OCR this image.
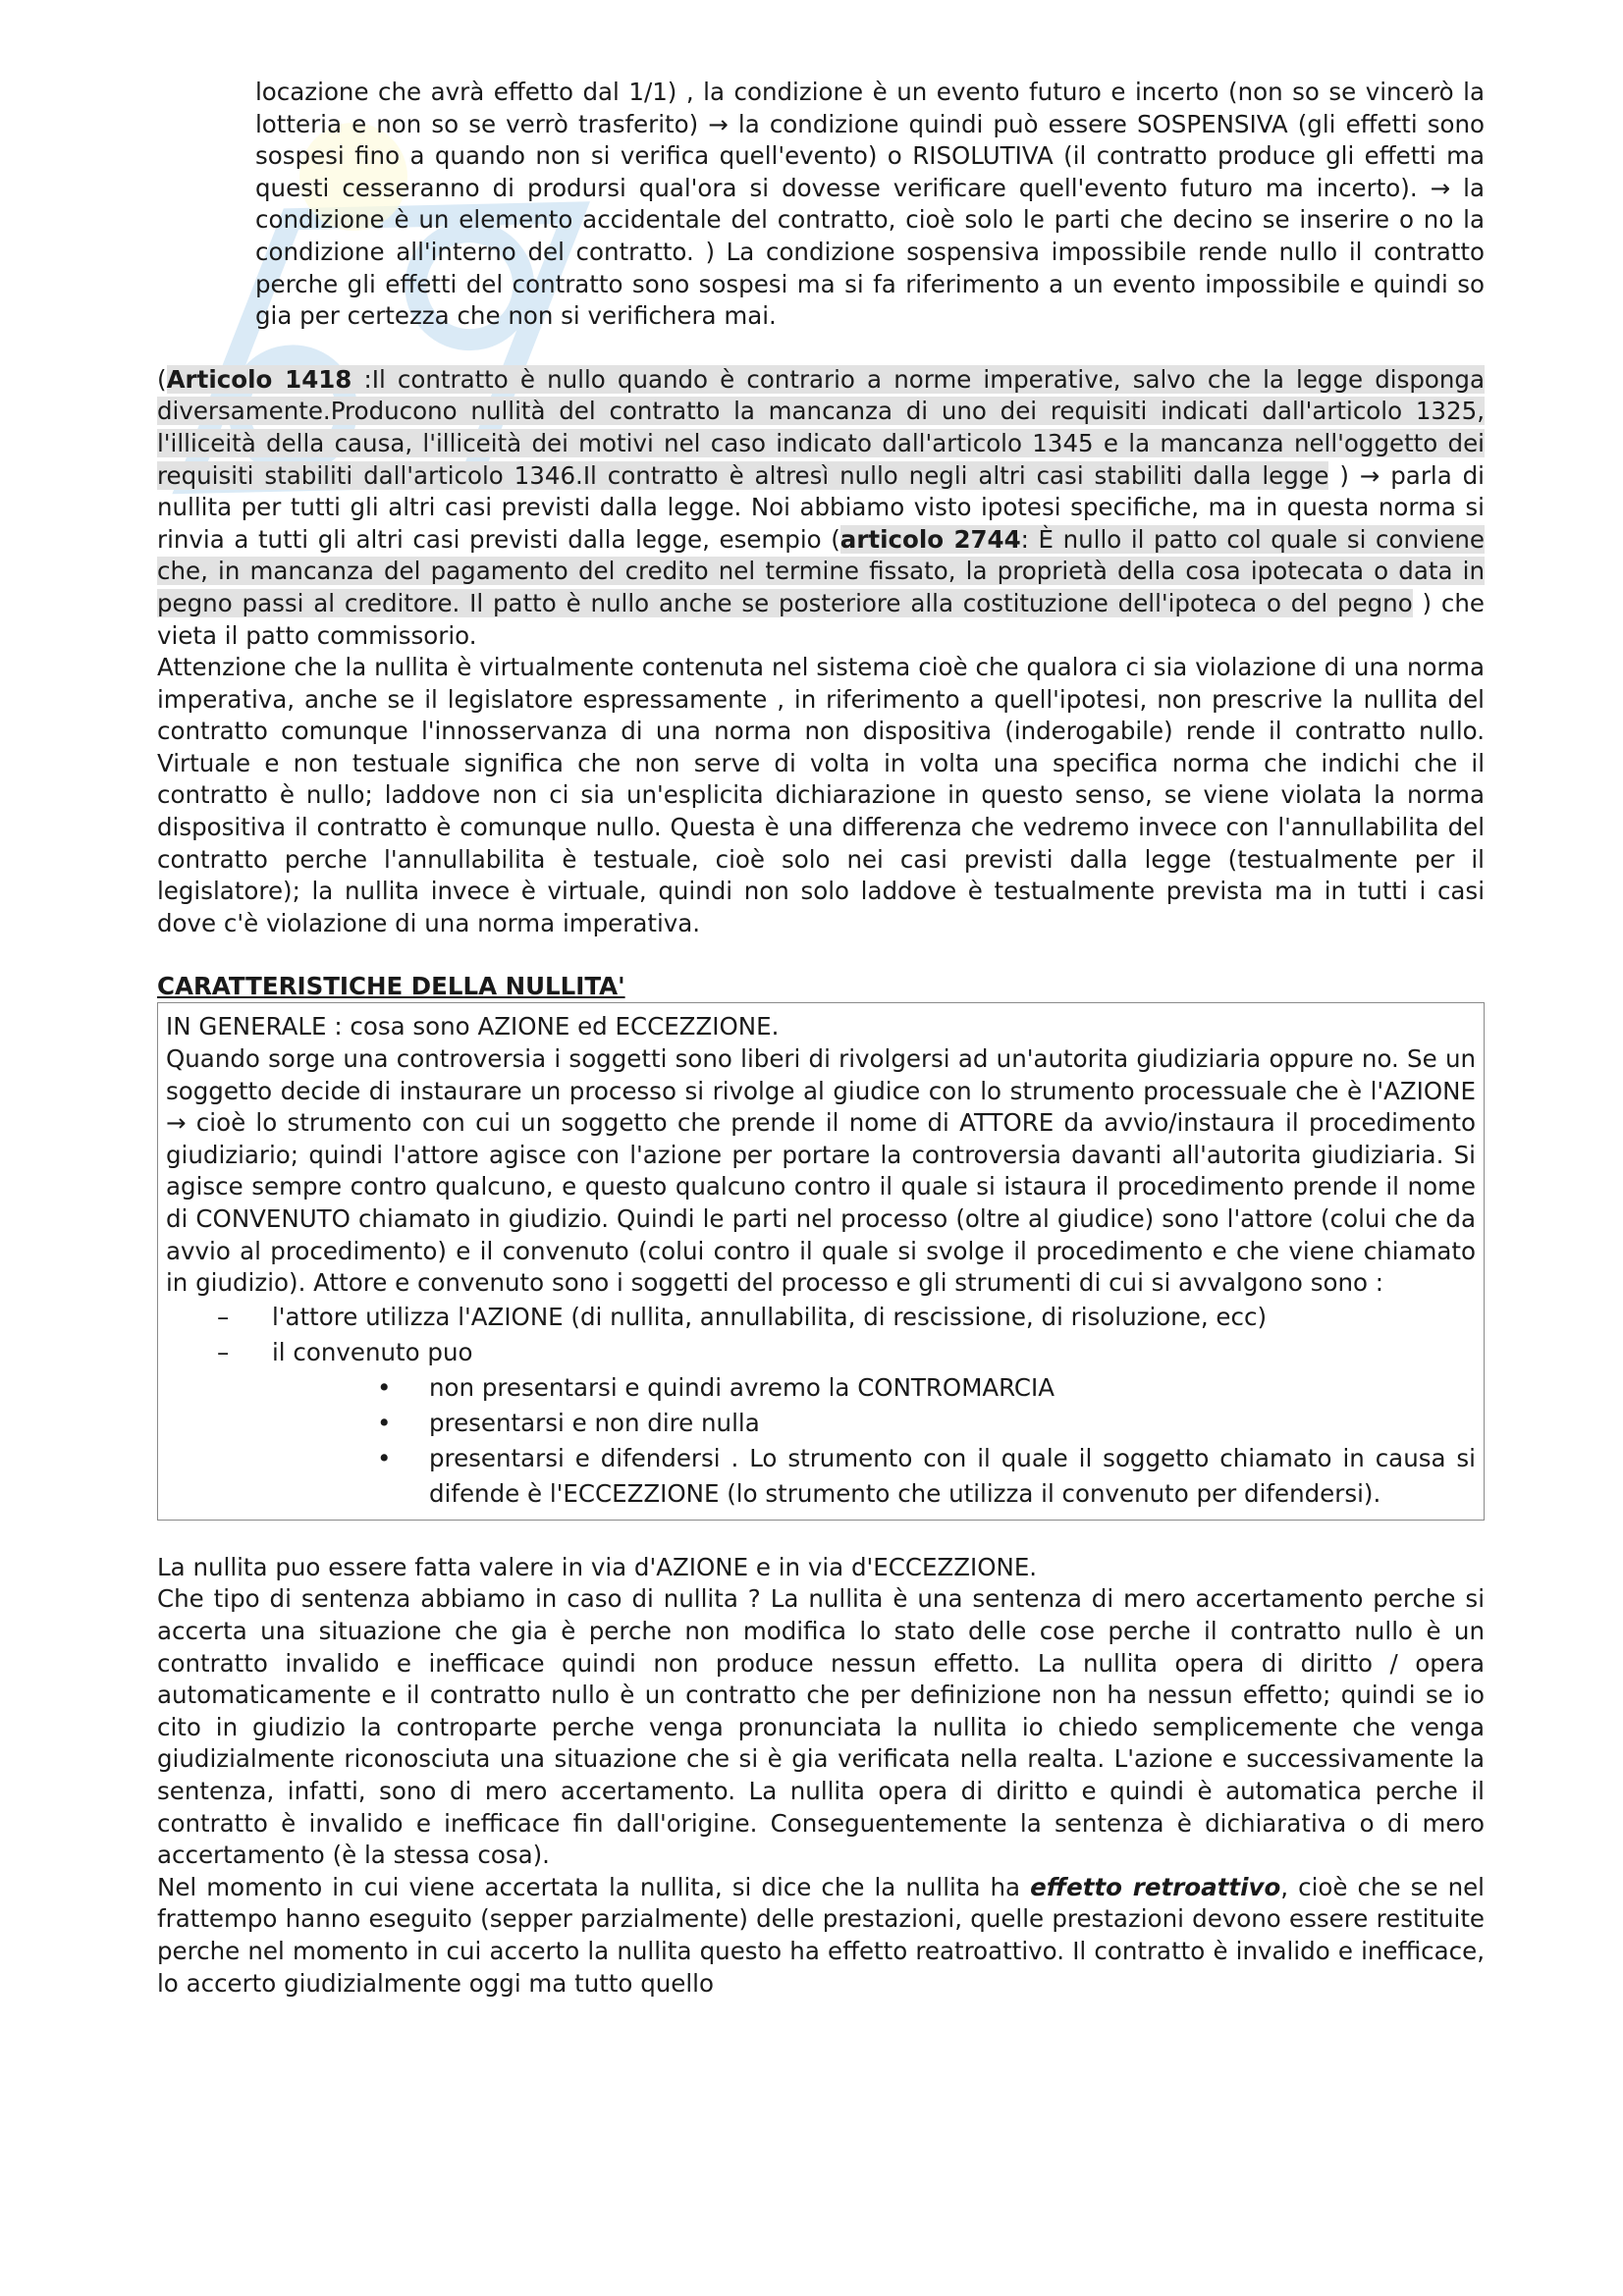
locazione che avrà effetto dal 1/1) , la condizione è un evento futuro e incerto (non so se vincerò la lotteria e non so se verrò trasferito) → la condizione quindi può essere SOSPENSIVA (gli effetti sono sospesi fino a quando non si verifica quell'evento) o RISOLUTIVA (il contratto produce gli effetti ma questi cesseranno di prodursi qual'ora si dovesse verificare quell'evento futuro ma incerto). → la condizione è un elemento accidentale del contratto, cioè solo le parti che decino se inserire o no la condizione all'interno del contratto. ) La condizione sospensiva impossibile rende nullo il contratto perche gli effetti del contratto sono sospesi ma si fa riferimento a un evento impossibile e quindi so gia per certezza che non si verifichera mai.

(Articolo 1418 :Il contratto è nullo quando è contrario a norme imperative, salvo che la legge disponga diversamente.Producono nullità del contratto la mancanza di uno dei requisiti indicati dall'articolo 1325, l'illiceità della causa, l'illiceità dei motivi nel caso indicato dall'articolo 1345 e la mancanza nell'oggetto dei requisiti stabiliti dall'articolo 1346.Il contratto è altresì nullo negli altri casi stabiliti dalla legge ) → parla di nullita per tutti gli altri casi previsti dalla legge. Noi abbiamo visto ipotesi specifiche, ma in questa norma si rinvia a tutti gli altri casi previsti dalla legge, esempio (articolo 2744: È nullo il patto col quale si conviene che, in mancanza del pagamento del credito nel termine fissato, la proprietà della cosa ipotecata o data in pegno passi al creditore. Il patto è nullo anche se posteriore alla costituzione dell'ipoteca o del pegno ) che vieta il patto commissorio.

Attenzione che la nullita è virtualmente contenuta nel sistema cioè che qualora ci sia violazione di una norma imperativa, anche se il legislatore espressamente , in riferimento a quell'ipotesi, non prescrive la nullita del contratto comunque l'innosservanza di una norma non dispositiva (inderogabile) rende il contratto nullo. Virtuale e non testuale significa che non serve di volta in volta una specifica norma che indichi che il contratto è nullo; laddove non ci sia un'esplicita dichiarazione in questo senso, se viene violata la norma dispositiva il contratto è comunque nullo. Questa è una differenza che vedremo invece con l'annullabilita del contratto perche l'annullabilita è testuale, cioè solo nei casi previsti dalla legge (testualmente per il legislatore); la nullita invece è virtuale, quindi non solo laddove è testualmente prevista ma in tutti i casi dove c'è violazione di una norma imperativa.

CARATTERISTICHE DELLA NULLITA'

IN GENERALE : cosa sono AZIONE ed ECCEZZIONE.

Quando sorge una controversia i soggetti sono liberi di rivolgersi ad un'autorita giudiziaria oppure no. Se un soggetto decide di instaurare un processo si rivolge al giudice con lo strumento processuale che è l'AZIONE → cioè lo strumento con cui un soggetto che prende il nome di ATTORE da avvio/instaura il procedimento giudiziario; quindi l'attore agisce con l'azione per portare la controversia davanti all'autorita giudiziaria. Si agisce sempre contro qualcuno, e questo qualcuno contro il quale si istaura il procedimento prende il nome di CONVENUTO chiamato in giudizio. Quindi le parti nel processo (oltre al giudice) sono l'attore (colui che da avvio al procedimento) e il convenuto (colui contro il quale si svolge il procedimento e che viene chiamato in giudizio). Attore e convenuto sono i soggetti del processo e gli strumenti di cui si avvalgono sono :

– l'attore utilizza l'AZIONE (di nullita, annullabilita, di rescissione, di risoluzione, ecc)
– il convenuto puo
• non presentarsi e quindi avremo la CONTROMARCIA
• presentarsi e non dire nulla
• presentarsi e difendersi . Lo strumento con il quale il soggetto chiamato in causa si difende è l'ECCEZZIONE (lo strumento che utilizza il convenuto per difendersi).

La nullita puo essere fatta valere in via d'AZIONE e in via d'ECCEZZIONE.

Che tipo di sentenza abbiamo in caso di nullita ? La nullita è una sentenza di mero accertamento perche si accerta una situazione che gia è perche non modifica lo stato delle cose perche il contratto nullo è un contratto invalido e inefficace quindi non produce nessun effetto. La nullita opera di diritto / opera automaticamente e il contratto nullo è un contratto che per definizione non ha nessun effetto; quindi se io cito in giudizio la controparte perche venga pronunciata la nullita io chiedo semplicemente che venga giudizialmente riconosciuta una situazione che si è gia verificata nella realta. L'azione e successivamente la sentenza, infatti, sono di mero accertamento. La nullita opera di diritto e quindi è automatica perche il contratto è invalido e inefficace fin dall'origine. Conseguentemente la sentenza è dichiarativa o di mero accertamento (è la stessa cosa).

Nel momento in cui viene accertata la nullita, si dice che la nullita ha effetto retroattivo, cioè che se nel frattempo hanno eseguito (sepper parzialmente) delle prestazioni, quelle prestazioni devono essere restituite perche nel momento in cui accerto la nullita questo ha effetto reatroattivo. Il contratto è invalido e inefficace, lo accerto giudizialmente oggi ma tutto quello
